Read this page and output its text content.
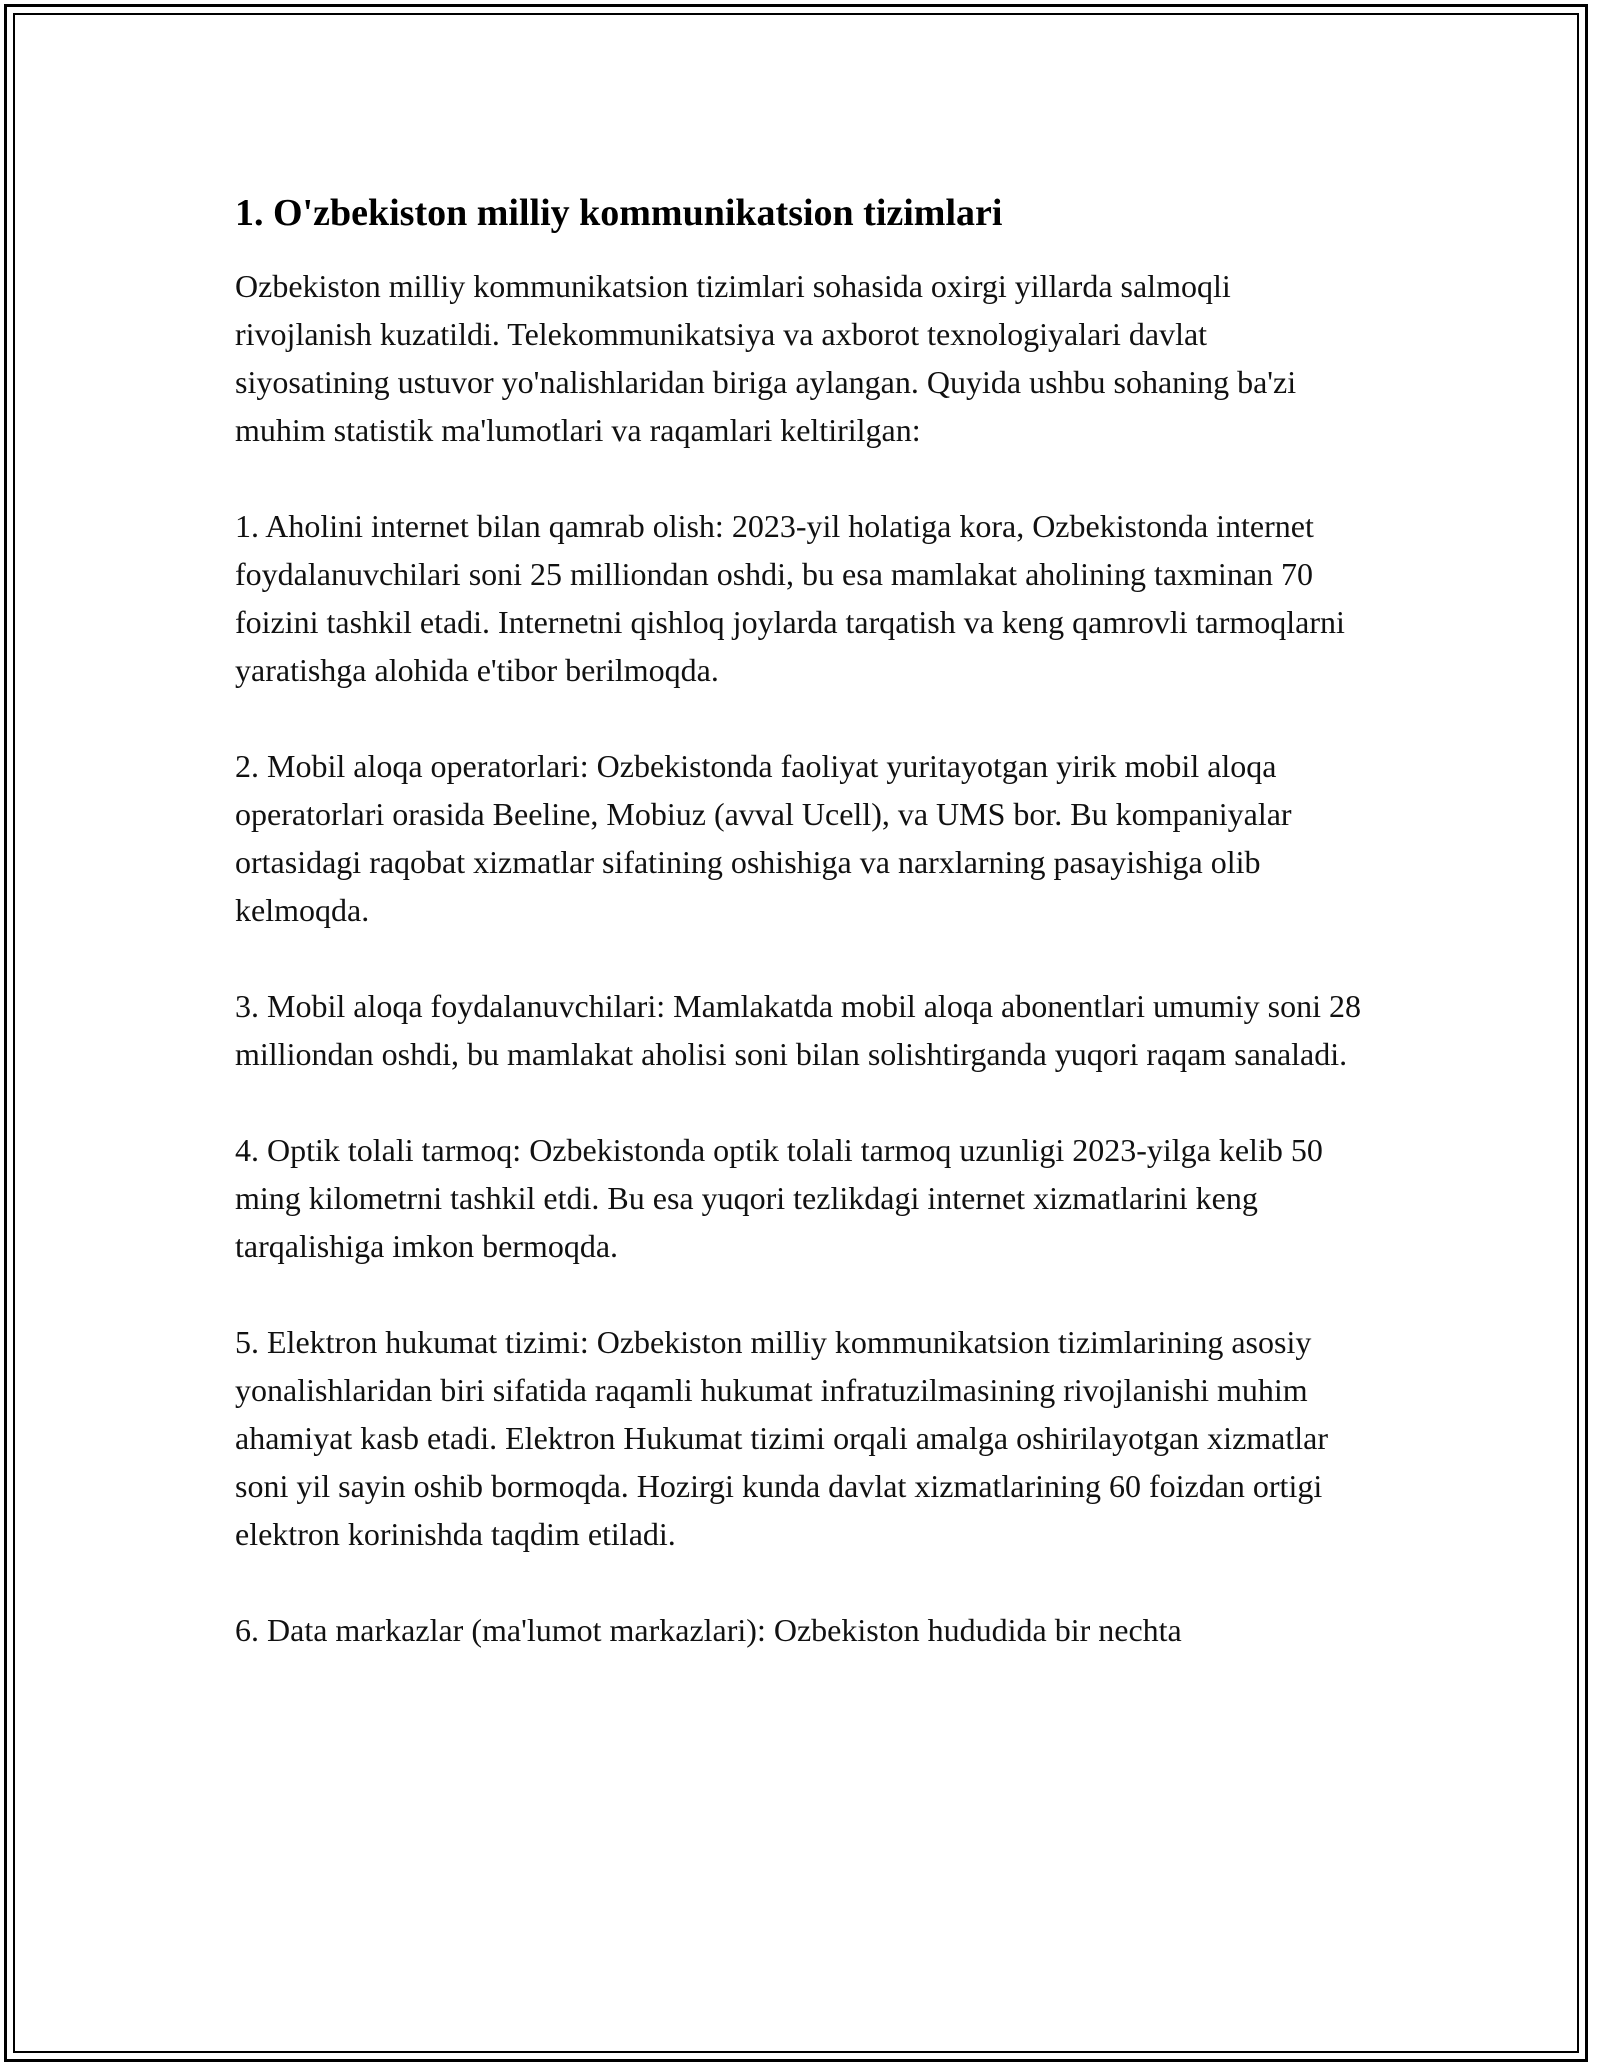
1. O'zbekiston milliy kommunikatsion tizimlari

Ozbekiston milliy kommunikatsion tizimlari sohasida oxirgi yillarda salmoqli rivojlanish kuzatildi. Telekommunikatsiya va axborot texnologiyalari davlat siyosatining ustuvor yo'nalishlaridan biriga aylangan. Quyida ushbu sohaning ba'zi muhim statistik ma'lumotlari va raqamlari keltirilgan:

1. Aholini internet bilan qamrab olish: 2023-yil holatiga kora, Ozbekistonda internet foydalanuvchilari soni 25 milliondan oshdi, bu esa mamlakat aholining taxminan 70 foizini tashkil etadi. Internetni qishloq joylarda tarqatish va keng qamrovli tarmoqlarni yaratishga alohida e'tibor berilmoqda.

2. Mobil aloqa operatorlari: Ozbekistonda faoliyat yuritayotgan yirik mobil aloqa operatorlari orasida Beeline, Mobiuz (avval Ucell), va UMS bor. Bu kompaniyalar ortasidagi raqobat xizmatlar sifatining oshishiga va narxlarning pasayishiga olib kelmoqda.

3. Mobil aloqa foydalanuvchilari: Mamlakatda mobil aloqa abonentlari umumiy soni 28 milliondan oshdi, bu mamlakat aholisi soni bilan solishtirganda yuqori raqam sanaladi.

4. Optik tolali tarmoq: Ozbekistonda optik tolali tarmoq uzunligi 2023-yilga kelib 50 ming kilometrni tashkil etdi. Bu esa yuqori tezlikdagi internet xizmatlarini keng tarqalishiga imkon bermoqda.

5. Elektron hukumat tizimi: Ozbekiston milliy kommunikatsion tizimlarining asosiy yonalishlaridan biri sifatida raqamli hukumat infratuzilmasining rivojlanishi muhim ahamiyat kasb etadi. Elektron Hukumat tizimi orqali amalga oshirilayotgan xizmatlar soni yil sayin oshib bormoqda. Hozirgi kunda davlat xizmatlarining 60 foizdan ortigi elektron korinishda taqdim etiladi.

6. Data markazlar (ma'lumot markazlari): Ozbekiston hududida bir nechta
